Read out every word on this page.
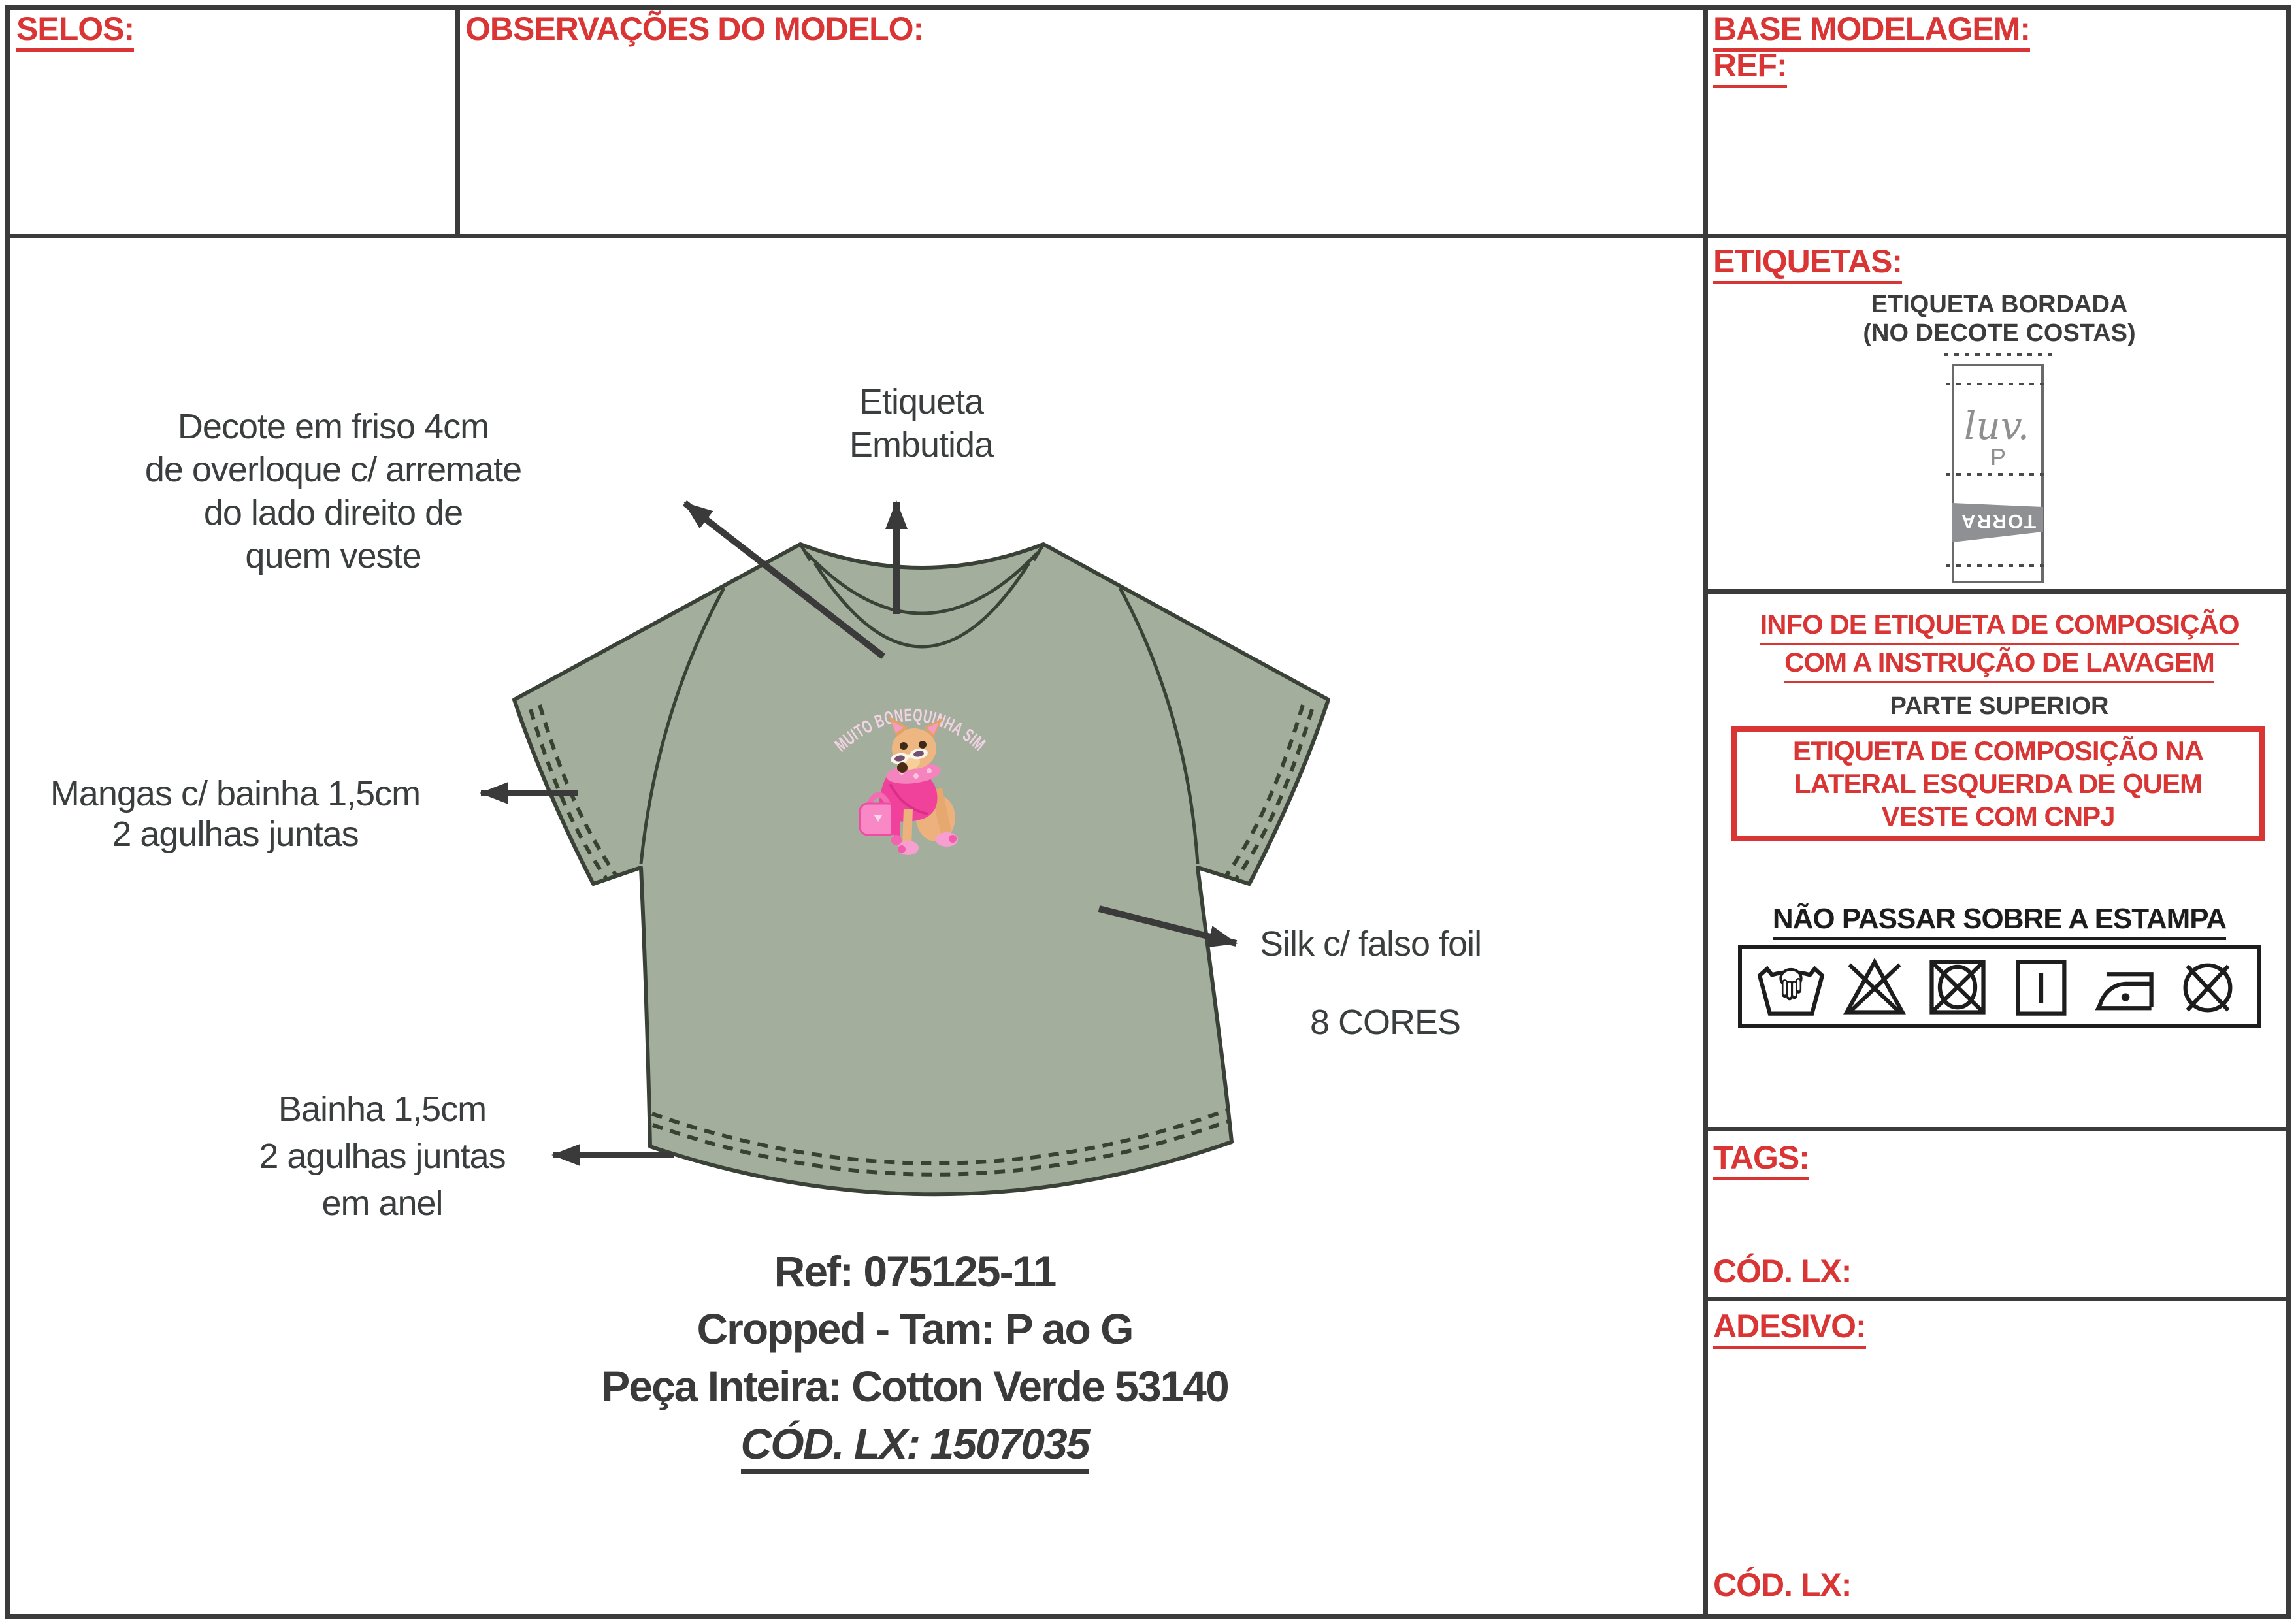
SELOS:	OBSERVAÇÕES DO MODELO:	BASE MODELAGEM:
REF:
MUITO BONEQUINHA SIM
Etiqueta
Embutida
Decote em friso 4cm
de overloque c/ arremate
do lado direito de
quem veste
Mangas c/ bainha 1,5cm
2 agulhas juntas
Bainha 1,5cm
2 agulhas juntas
em anel
Silk c/ falso foil
8 CORES
Ref: 075125-11
Cropped - Tam: P ao G
Peça Inteira: Cotton Verde 53140
CÓD. LX: 1507035
ETIQUETAS:
ETIQUETA BORDADA
(NO DECOTE COSTAS)
luv.
P
TORRA
INFO DE ETIQUETA DE COMPOSIÇÃO
COM A INSTRUÇÃO DE LAVAGEM
PARTE SUPERIOR
ETIQUETA DE COMPOSIÇÃO NA
LATERAL ESQUERDA DE QUEM
VESTE COM CNPJ
NÃO PASSAR SOBRE A ESTAMPA
TAGS:
CÓD. LX:
ADESIVO:
CÓD. LX:
